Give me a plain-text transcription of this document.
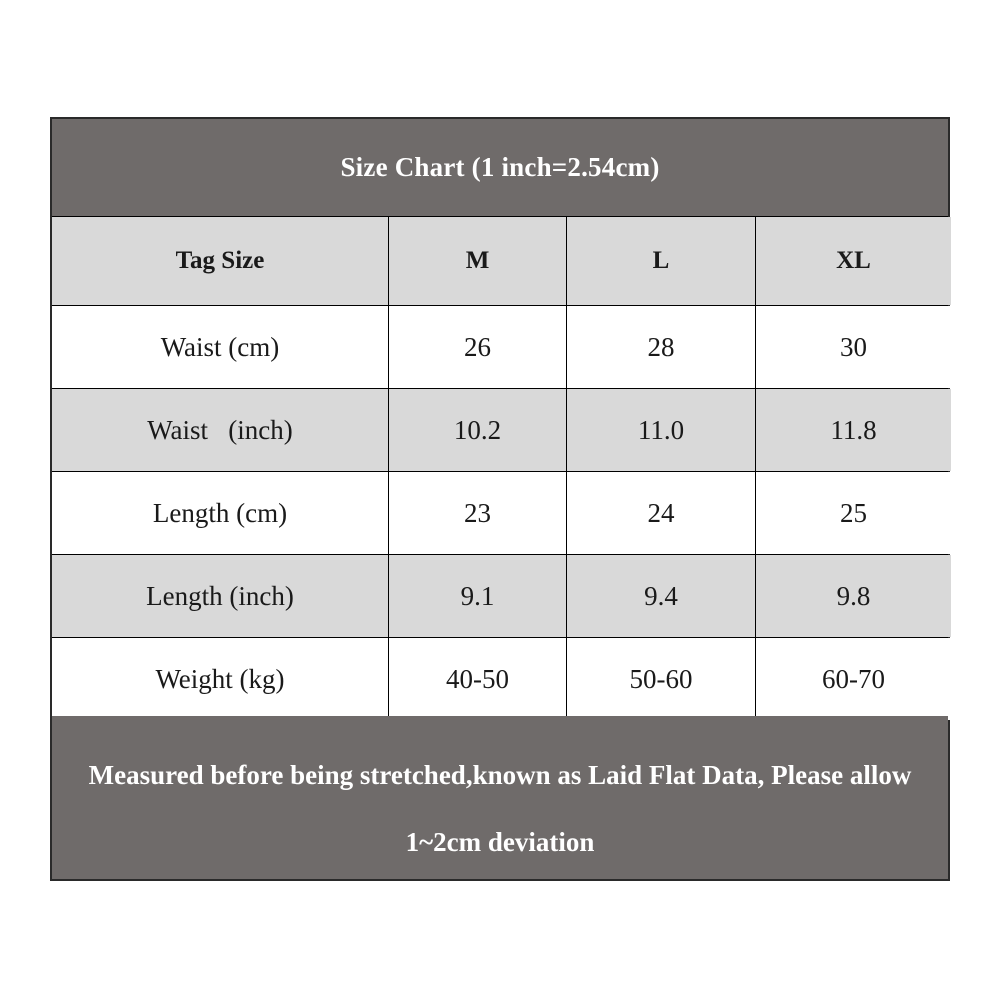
Size Chart (1 inch=2.54cm)
Tag Size	M	L	XL
Waist (cm)	26	28	30
Waist   (inch)	10.2	11.0	11.8
Length (cm)	23	24	25
Length (inch)	9.1	9.4	9.8
Weight (kg)	40-50	50-60	60-70
Measured before being stretched,known as Laid Flat Data, Please allow 1~2cm deviation
